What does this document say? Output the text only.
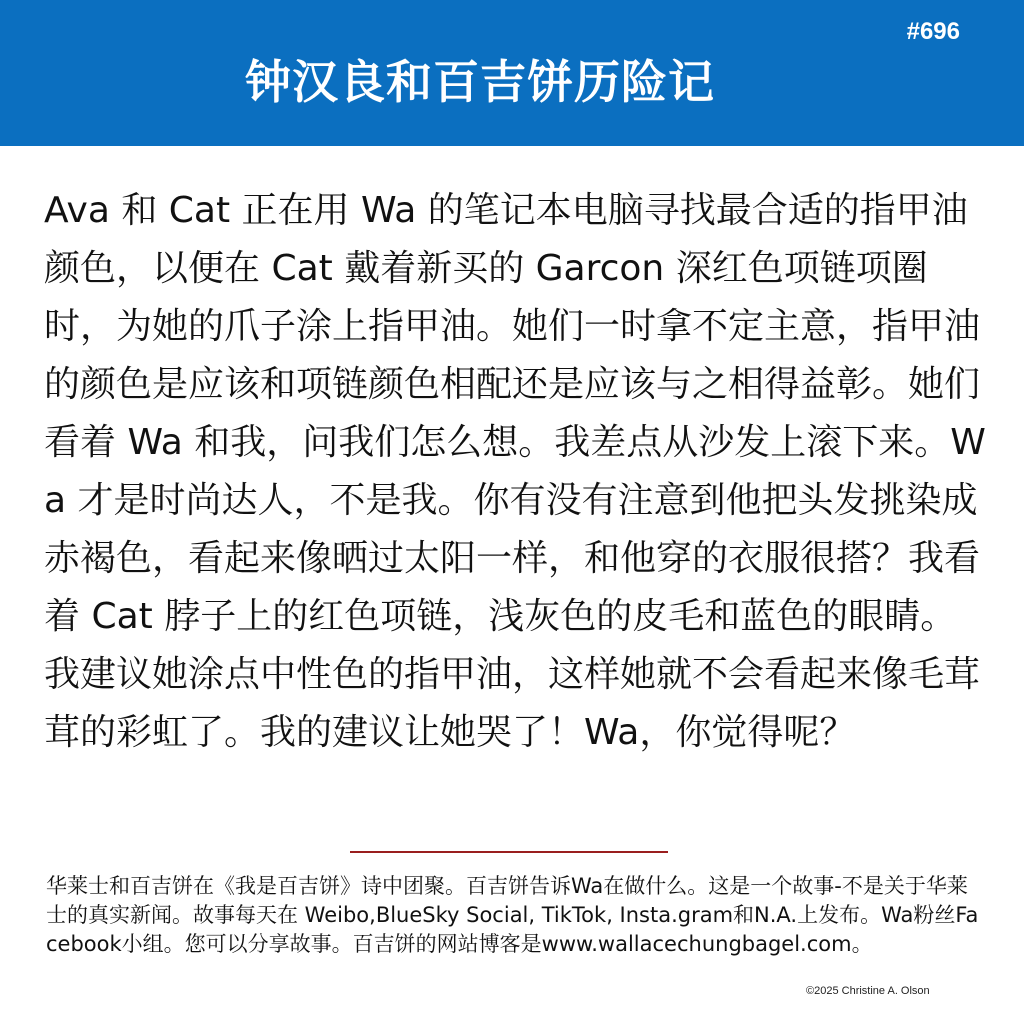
#696
钟汉良和百吉饼历险记

Ava 和 Cat 正在用 Wa 的笔记本电脑寻找最合适的指甲油颜色，以便在 Cat 戴着新买的 Garcon 深红色项链项圈时，为她的爪子涂上指甲油。她们一时拿不定主意，指甲油的颜色是应该和项链颜色相配还是应该与之相得益彰。她们看着 Wa 和我，问我们怎么想。我差点从沙发上滚下来。Wa 才是时尚达人，不是我。你有没有注意到他把头发挑染成赤褐色，看起来像晒过太阳一样，和他穿的衣服很搭？我看着 Cat 脖子上的红色项链，浅灰色的皮毛和蓝色的眼睛。我建议她涂点中性色的指甲油，这样她就不会看起来像毛茸茸的彩虹了。我的建议让她哭了！Wa，你觉得呢？

华莱士和百吉饼在《我是百吉饼》诗中团聚。百吉饼告诉Wa在做什么。这是一个故事-不是关于华莱士的真实新闻。故事每天在 Weibo,BlueSky Social, TikTok, Insta.gram和N.A.上发布。Wa粉丝Facebook小组。您可以分享故事。百吉饼的网站博客是www.wallacechungbagel.com。

©2025 Christine A. Olson
